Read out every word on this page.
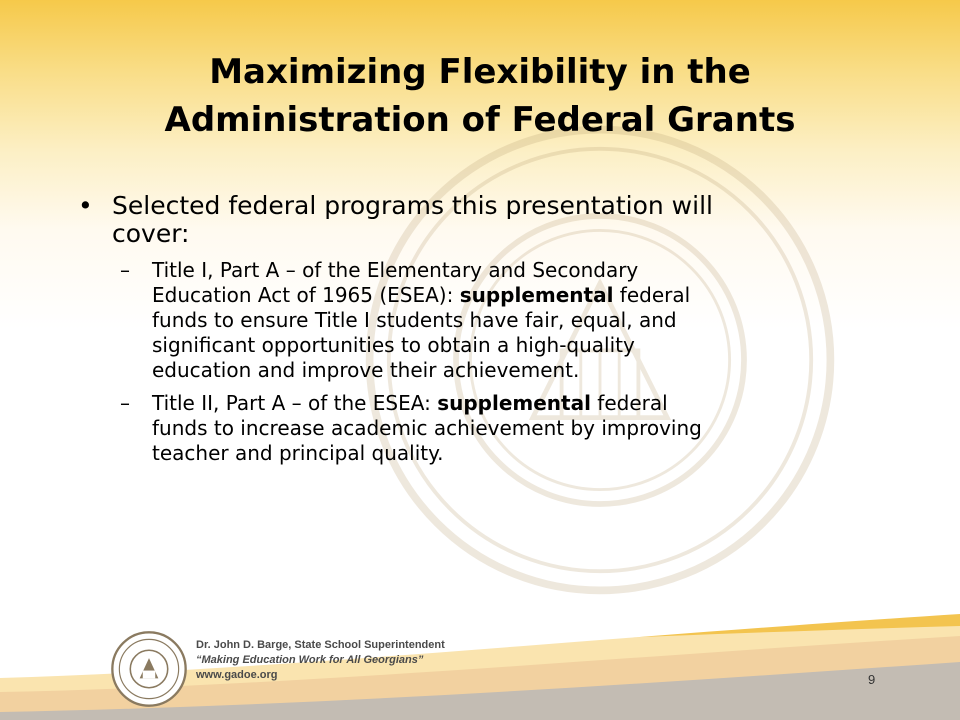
Maximizing Flexibility in the
Administration of Federal Grants
• Selected federal programs this presentation will
cover:
– Title I, Part A – of the Elementary and Secondary
Education Act of 1965 (ESEA): supplemental federal
funds to ensure Title I students have fair, equal, and
significant opportunities to obtain a high-quality
education and improve their achievement.
– Title II, Part A – of the ESEA: supplemental federal
funds to increase academic achievement by improving
teacher and principal quality.
Dr. John D. Barge, State School Superintendent
“Making Education Work for All Georgians”
www.gadoe.org	9
